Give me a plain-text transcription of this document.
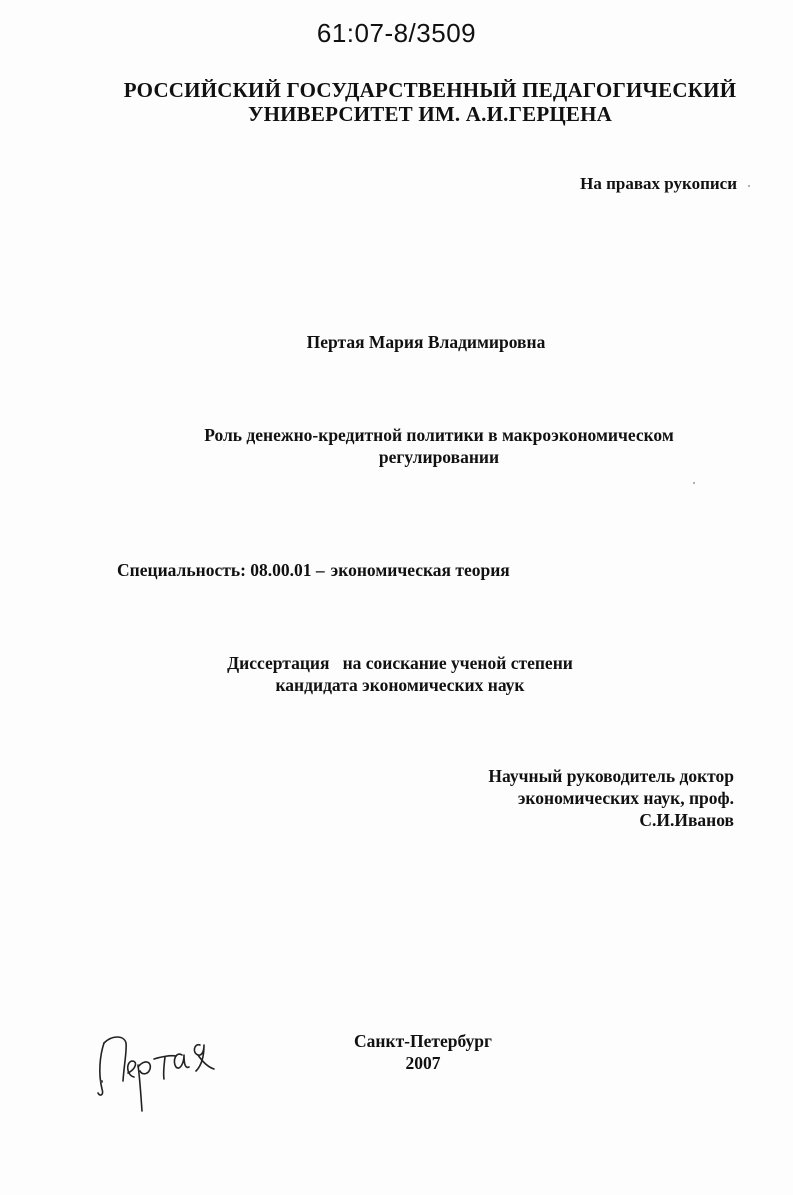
61:07-8/3509
РОССИЙСКИЙ ГОСУДАРСТВЕННЫЙ ПЕДАГОГИЧЕСКИЙ
УНИВЕРСИТЕТ ИМ. А.И.ГЕРЦЕНА
На правах рукописи
Пертая Мария Владимировна
Роль денежно-кредитной политики в макроэкономическом
регулировании
Специальность: 08.00.01 – экономическая теория
Диссертация   на соискание ученой степени
кандидата экономических наук
Научный руководитель доктор
экономических наук, проф.
С.И.Иванов
Санкт-Петербург
2007
